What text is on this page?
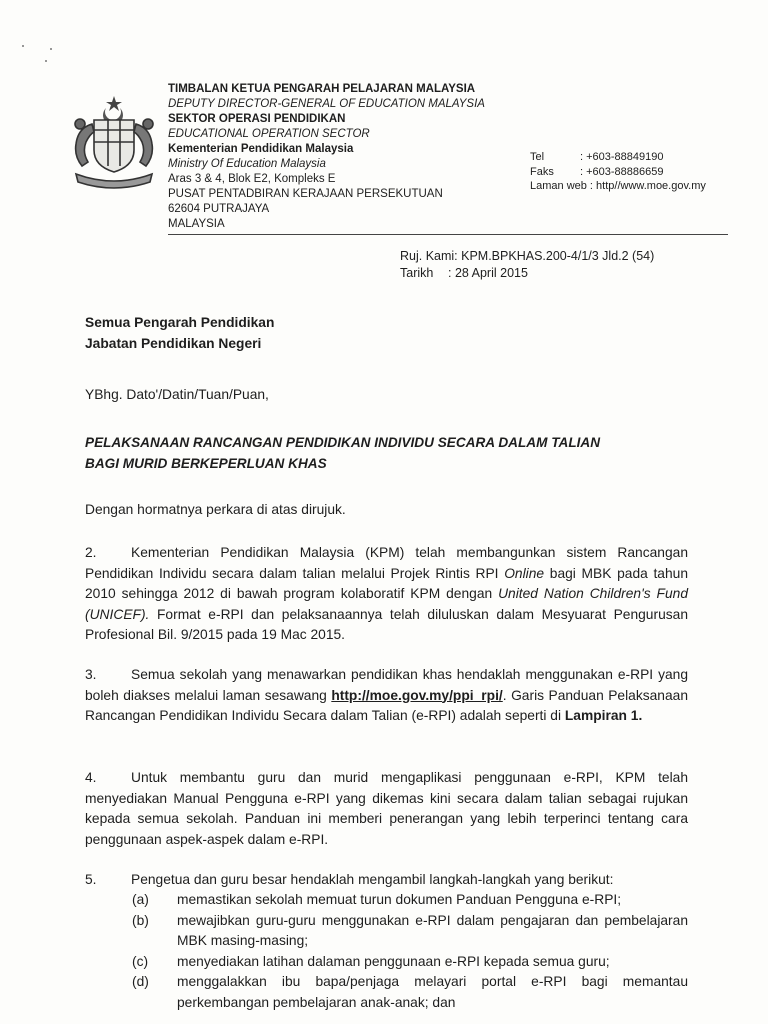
TIMBALAN KETUA PENGARAH PELAJARAN MALAYSIA
DEPUTY DIRECTOR-GENERAL OF EDUCATION MALAYSIA
SEKTOR OPERASI PENDIDIKAN
EDUCATIONAL OPERATION SECTOR
Kementerian Pendidikan Malaysia
Ministry Of Education Malaysia
Aras 3 & 4, Blok E2, Kompleks E
PUSAT PENTADBIRAN KERAJAAN PERSEKUTUAN
62604 PUTRAJAYA
MALAYSIA
Tel	: +603-88849190
Faks : +603-88886659
Laman web : http//www.moe.gov.my
Ruj. Kami: KPM.BPKHAS.200-4/1/3 Jld.2 (54)
Tarikh : 28 April 2015
Semua Pengarah Pendidikan
Jabatan Pendidikan Negeri
YBhg. Dato'/Datin/Tuan/Puan,
PELAKSANAAN RANCANGAN PENDIDIKAN INDIVIDU SECARA DALAM TALIAN
BAGI MURID BERKEPERLUAN KHAS
Dengan hormatnya perkara di atas dirujuk.
2. Kementerian Pendidikan Malaysia (KPM) telah membangunkan sistem Rancangan Pendidikan Individu secara dalam talian melalui Projek Rintis RPI Online bagi MBK pada tahun 2010 sehingga 2012 di bawah program kolaboratif KPM dengan United Nation Children's Fund (UNICEF). Format e-RPI dan pelaksanaannya telah diluluskan dalam Mesyuarat Pengurusan Profesional Bil. 9/2015 pada 19 Mac 2015.
3. Semua sekolah yang menawarkan pendidikan khas hendaklah menggunakan e-RPI yang boleh diakses melalui laman sesawang http://moe.gov.my/ppi_rpi/. Garis Panduan Pelaksanaan Rancangan Pendidikan Individu Secara dalam Talian (e-RPI) adalah seperti di Lampiran 1.
4. Untuk membantu guru dan murid mengaplikasi penggunaan e-RPI, KPM telah menyediakan Manual Pengguna e-RPI yang dikemas kini secara dalam talian sebagai rujukan kepada semua sekolah. Panduan ini memberi penerangan yang lebih terperinci tentang cara penggunaan aspek-aspek dalam e-RPI.
5. Pengetua dan guru besar hendaklah mengambil langkah-langkah yang berikut:
(a) memastikan sekolah memuat turun dokumen Panduan Pengguna e-RPI;
(b) mewajibkan guru-guru menggunakan e-RPI dalam pengajaran dan pembelajaran MBK masing-masing;
(c) menyediakan latihan dalaman penggunaan e-RPI kepada semua guru;
(d) menggalakkan ibu bapa/penjaga melayari portal e-RPI bagi memantau perkembangan pembelajaran anak-anak; dan
